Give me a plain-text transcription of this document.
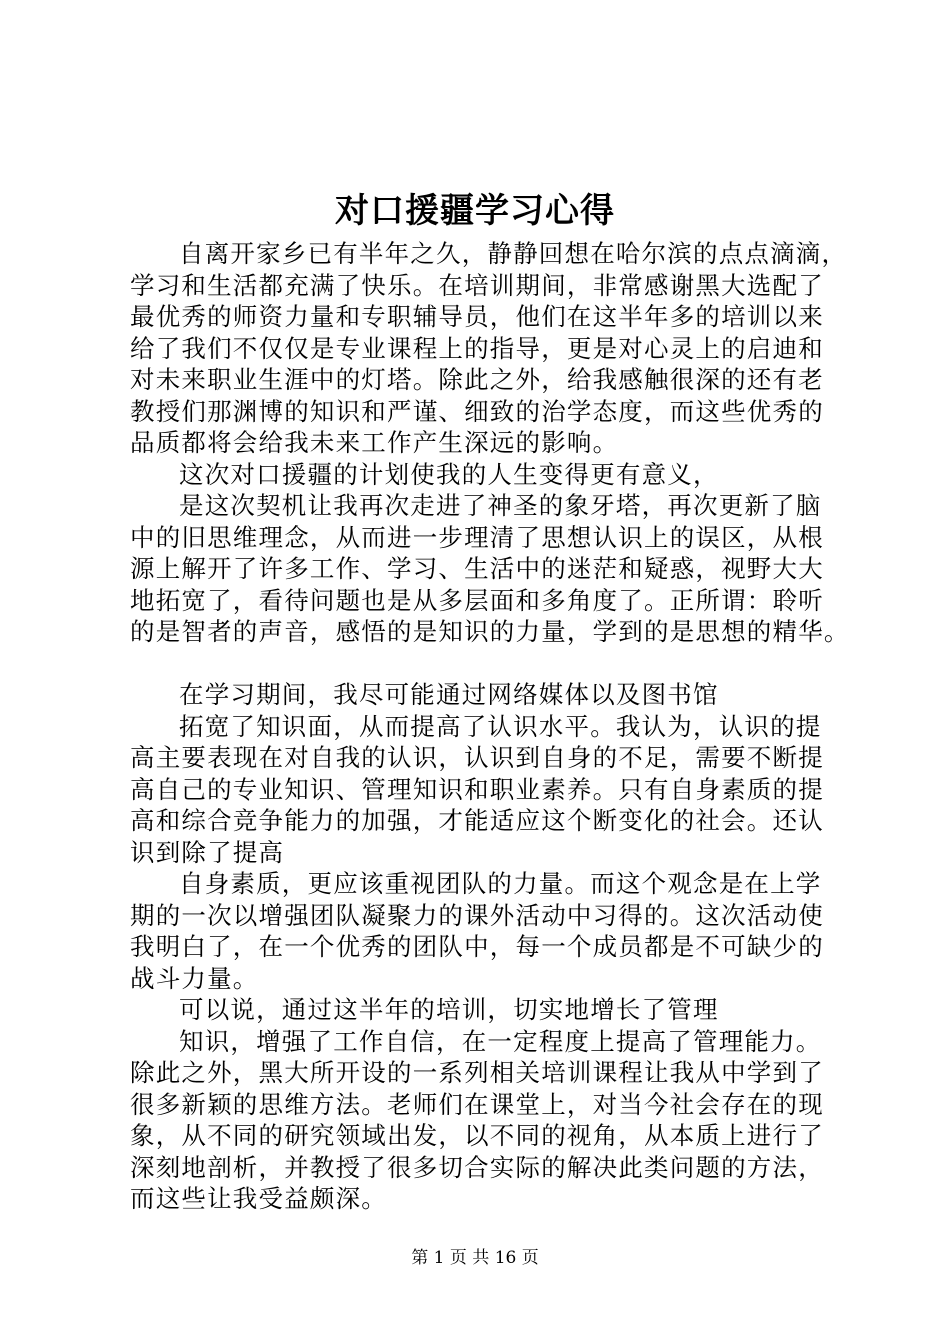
对口援疆学习心得
自离开家乡已有半年之久，静静回想在哈尔滨的点点滴滴，
学习和生活都充满了快乐。在培训期间，非常感谢黑大选配了
最优秀的师资力量和专职辅导员，他们在这半年多的培训以来
给了我们不仅仅是专业课程上的指导，更是对心灵上的启迪和
对未来职业生涯中的灯塔。除此之外，给我感触很深的还有老
教授们那渊博的知识和严谨、细致的治学态度，而这些优秀的
品质都将会给我未来工作产生深远的影响。
这次对口援疆的计划使我的人生变得更有意义，
是这次契机让我再次走进了神圣的象牙塔，再次更新了脑
中的旧思维理念，从而进一步理清了思想认识上的误区，从根
源上解开了许多工作、学习、生活中的迷茫和疑惑，视野大大
地拓宽了，看待问题也是从多层面和多角度了。正所谓：聆听
的是智者的声音，感悟的是知识的力量，学到的是思想的精华。
在学习期间，我尽可能通过网络媒体以及图书馆
拓宽了知识面，从而提高了认识水平。我认为，认识的提
高主要表现在对自我的认识，认识到自身的不足，需要不断提
高自己的专业知识、管理知识和职业素养。只有自身素质的提
高和综合竞争能力的加强，才能适应这个断变化的社会。还认
识到除了提高
自身素质，更应该重视团队的力量。而这个观念是在上学
期的一次以增强团队凝聚力的课外活动中习得的。这次活动使
我明白了，在一个优秀的团队中，每一个成员都是不可缺少的
战斗力量。
可以说，通过这半年的培训，切实地增长了管理
知识，增强了工作自信，在一定程度上提高了管理能力。
除此之外，黑大所开设的一系列相关培训课程让我从中学到了
很多新颖的思维方法。老师们在课堂上，对当今社会存在的现
象，从不同的研究领域出发，以不同的视角，从本质上进行了
深刻地剖析，并教授了很多切合实际的解决此类问题的方法，
而这些让我受益颇深。
第 1 页 共 16 页
